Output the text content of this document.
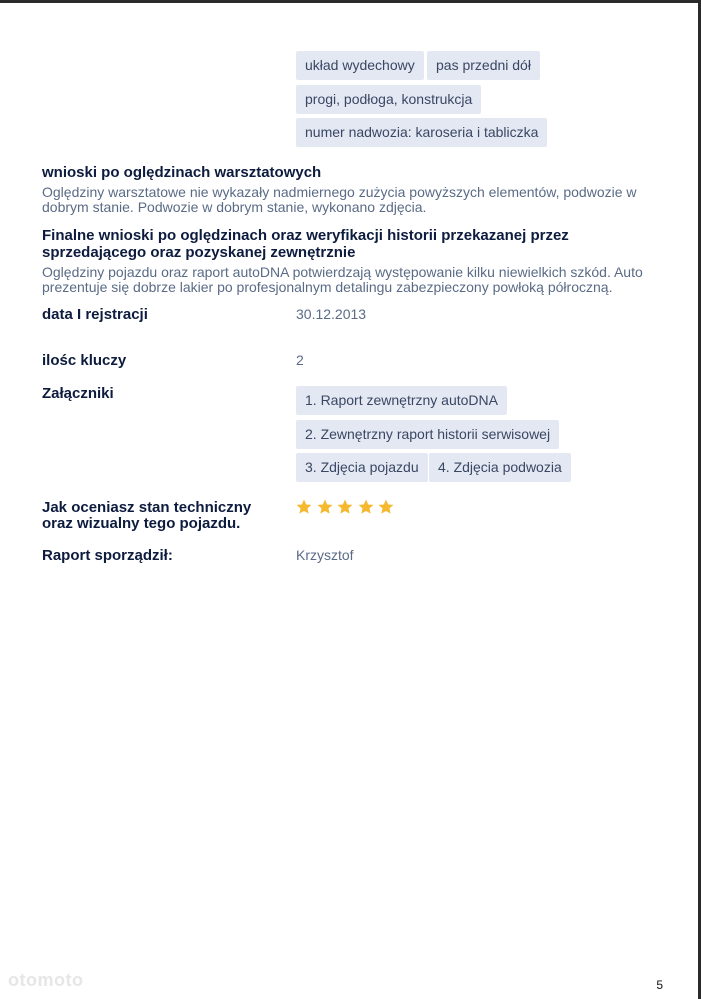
układ wydechowy	pas przedni dół
progi, podłoga, konstrukcja
numer nadwozia: karoseria i tabliczka
wnioski po oględzinach warsztatowych
Oględziny warsztatowe nie wykazały nadmiernego zużycia powyższych elementów, podwozie w dobrym stanie. Podwozie w dobrym stanie, wykonano zdjęcia.
Finalne wnioski po oględzinach oraz weryfikacji historii przekazanej przez sprzedającego oraz pozyskanej zewnętrznie
Oględziny pojazdu oraz raport autoDNA potwierdzają występowanie kilku niewielkich szkód. Auto prezentuje się dobrze lakier po profesjonalnym detalingu zabezpieczony powłoką półroczną.
data I rejstracji	30.12.2013
ilośc kluczy	2
Załączniki	1. Raport zewnętrzny autoDNA
2. Zewnętrzny raport historii serwisowej
3. Zdjęcia pojazdu	4. Zdjęcia podwozia
Jak oceniasz stan techniczny oraz wizualny tego pojazdu.
Raport sporządził:	Krzysztof
otomoto	5
